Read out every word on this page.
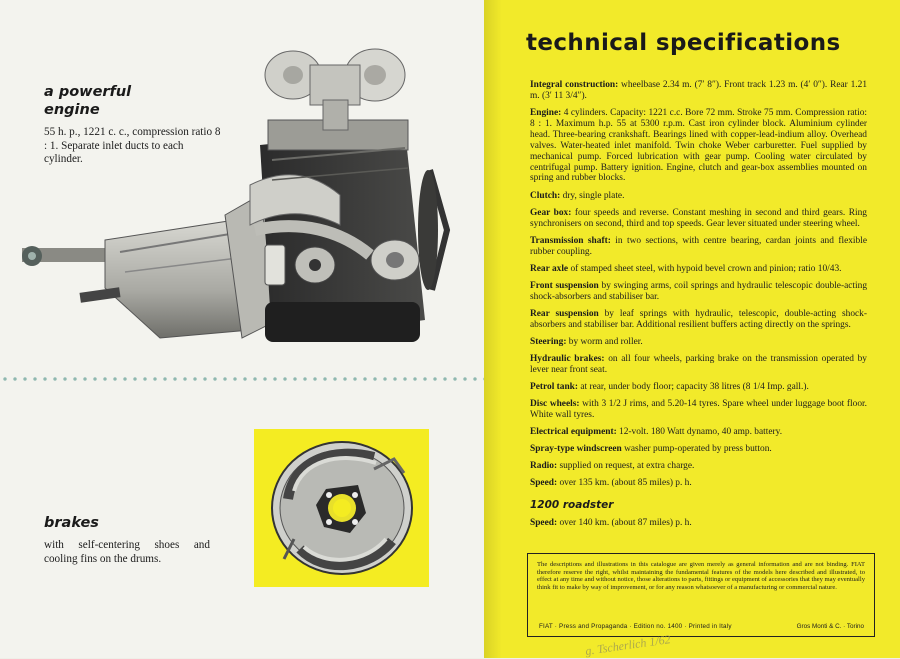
a powerful engine
55 h. p., 1221 c. c., compression ratio 8 : 1. Separate inlet ducts to each cylinder.
brakes
with self-centering shoes and cooling fins on the drums.
technical specifications

Integral construction: wheelbase 2.34 m. (7′ 8″). Front track 1.23 m. (4′ 0″). Rear 1.21 m. (3′ 11 3/4″).

Engine: 4 cylinders. Capacity: 1221 c.c. Bore 72 mm. Stroke 75 mm. Compression ratio: 8 : 1. Maximum h.p. 55 at 5300 r.p.m. Cast iron cylinder block. Aluminium cylinder head. Three-bearing crankshaft. Bearings lined with copper-lead-indium alloy. Overhead valves. Water-heated inlet manifold. Twin choke Weber carburetter. Fuel supplied by mechanical pump. Forced lubrication with gear pump. Cooling water circulated by centrifugal pump. Battery ignition. Engine, clutch and gear-box assemblies mounted on spring and rubber blocks.

Clutch: dry, single plate.

Gear box: four speeds and reverse. Constant meshing in second and third gears. Ring synchronisers on second, third and top speeds. Gear lever situated under steering wheel.

Transmission shaft: in two sections, with centre bearing, cardan joints and flexible rubber coupling.

Rear axle of stamped sheet steel, with hypoid bevel crown and pinion; ratio 10/43.

Front suspension by swinging arms, coil springs and hydraulic telescopic double-acting shock-absorbers and stabiliser bar.

Rear suspension by leaf springs with hydraulic, telescopic, double-acting shock-absorbers and stabiliser bar. Additional resilient buffers acting directly on the springs.

Steering: by worm and roller.

Hydraulic brakes: on all four wheels, parking brake on the transmission operated by lever near front seat.

Petrol tank: at rear, under body floor; capacity 38 litres (8 1/4 Imp. gall.).

Disc wheels: with 3 1/2 J rims, and 5.20-14 tyres. Spare wheel under luggage boot floor. White wall tyres.

Electrical equipment: 12-volt. 180 Watt dynamo, 40 amp. battery.

Spray-type windscreen washer pump-operated by press button.

Radio: supplied on request, at extra charge.

Speed: over 135 km. (about 85 miles) p. h.

1200 roadster

Speed: over 140 km. (about 87 miles) p. h.

The descriptions and illustrations in this catalogue are given merely as general information and are not binding. FIAT therefore reserve the right, whilst maintaining the fundamental features of the models here described and illustrated, to effect at any time and without notice, those alterations to parts, fittings or equipment of accessories that they may eventually think fit to make by way of improvement, or for any reason whatsoever of a manufacturing or commercial nature.
FIAT · Press and Propaganda · Edition no. 1400 · Printed in Italy	Gros Monti & C. · Torino
g. Tscherlich 1/62
